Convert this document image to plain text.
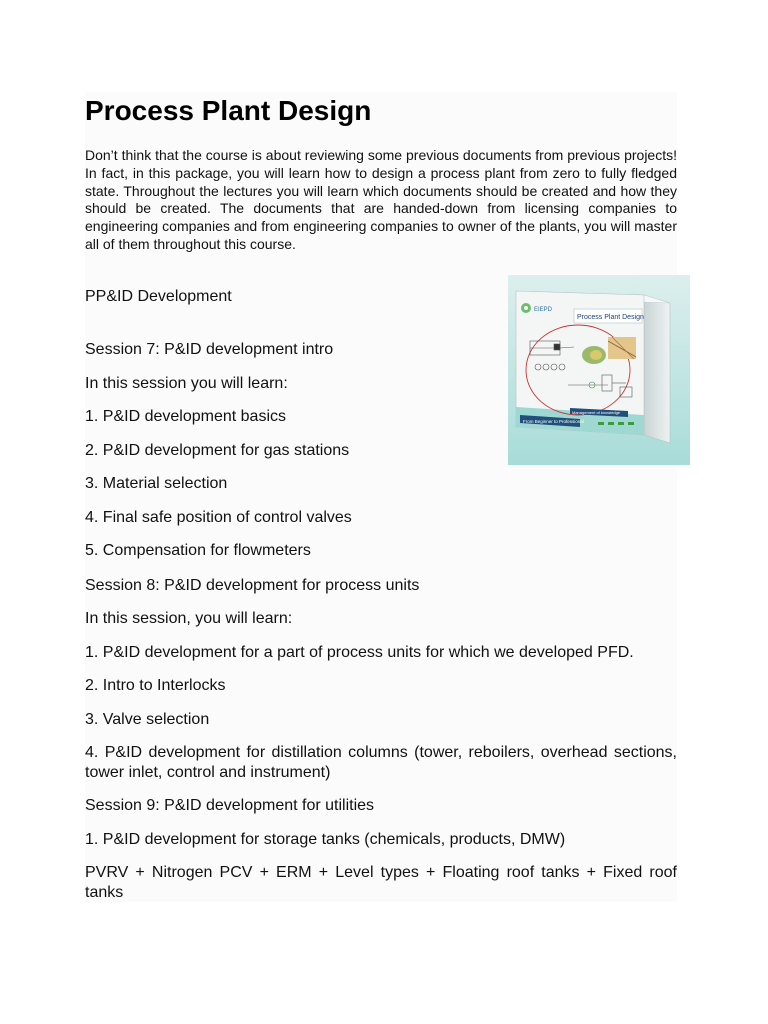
Process Plant Design

Don’t think that the course is about reviewing some previous documents from previous projects! In fact, in this package, you will learn how to design a process plant from zero to fully fledged state. Throughout the lectures you will learn which documents should be created and how they should be created. The documents that are handed-down from licensing companies to engineering companies and from engineering companies to owner of the plants, you will master all of them throughout this course.

PP&ID Development

Session 7: P&ID development intro

In this session you will learn:

1. P&ID development basics

2. P&ID development for gas stations

3. Material selection

4. Final safe position of control valves

5. Compensation for flowmeters

Session 8: P&ID development for process units

In this session, you will learn:

1. P&ID development for a part of process units for which we developed PFD.

2. Intro to Interlocks

3. Valve selection

4. P&ID development for distillation columns (tower, reboilers, overhead sections, tower inlet, control and instrument)

Session 9: P&ID development for utilities

1. P&ID development for storage tanks (chemicals, products, DMW)

PVRV + Nitrogen PCV + ERM + Level types + Floating roof tanks + Fixed roof tanks

EIEPD
Process Plant Design
Management of knowledge
From Beginner to Professional
